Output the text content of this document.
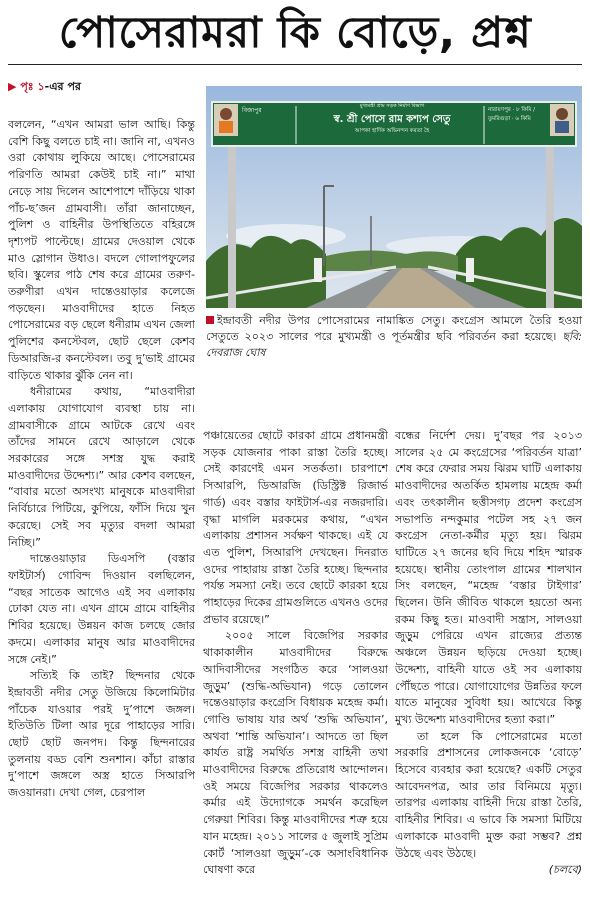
পোসেরামরা কি বোড়ে, প্রশ্ন
▶ পৃঃ ১-এর পর

বললেন, “এখন আমরা ভাল আছি। কিন্তু বেশি কিছু বলতে চাই না। জানি না, এখনও ওরা কোথায় লুকিয়ে আছে। পোসেরামের পরিণতি আমরা কেউই চাই না।” মাথা নেড়ে সায় দিলেন আশেপাশে দাঁড়িয়ে থাকা পাঁচ-ছ’জন গ্রামবাসী। তাঁরা জানাচ্ছেন, পুলিশ ও বাহিনীর উপস্থিতিতে বহিরঙ্গে দৃশ্যপট পাল্টেছে। গ্রামের দেওয়াল থেকে মাও স্লোগান উধাও। বদলে গোলাপফুলের ছবি। স্কুলের পাঠ শেষ করে গ্রামের তরুণ-তরুণীরা এখন দান্তেওয়াড়ার কলেজে পড়ছেন। মাওবাদীদের হাতে নিহত পোসেরামের বড় ছেলে ধনীরাম এখন জেলা পুলিশের কনস্টেবল, ছোট ছেলে কেশব ডিআরজি-র কনস্টেবল। তবু দু’ভাই গ্রামের বাড়িতে থাকার ঝুঁকি নেন না।

ধনীরামের কথায়, “মাওবাদীরা এলাকায় যোগাযোগ ব্যবস্থা চায় না। গ্রামবাসীকে গ্রামে আটকে রেখে এবং তাঁদের সামনে রেখে আড়ালে থেকে সরকারের সঙ্গে সশস্ত্র যুদ্ধ করাই মাওবাদীদের উদ্দেশ্য।” আর কেশব বলছেন, “বাবার মতো অসংখ্য মানুষকে মাওবাদীরা নির্বিচারে পিটিয়ে, কুপিয়ে, ফাঁসি দিয়ে খুন করেছে। সেই সব মৃত্যুর বদলা আমরা নিচ্ছি।”

দান্তেওয়াড়ার ডিএসপি (বস্তার ফাইটার্স) গোবিন্দ দিওয়ান বলছিলেন, “বছর সাতেক আগেও এই সব এলাকায় ঢোকা যেত না। এখন গ্রামে গ্রামে বাহিনীর শিবির হয়েছে। উন্নয়ন কাজ চলছে জোর কদমে। এলাকার মানুষ আর মাওবাদীদের সঙ্গে নেই।”

সত্যিই কি তাই? ছিন্দনার থেকে ইন্দ্রাবতী নদীর সেতু উজিয়ে কিলোমিটার পাঁচেক যাওয়ার পরই দু’পাশে জঙ্গল। ইতিউতি টিলা আর দূরে পাহাড়ের সারি। ছোট ছোট জনপদ। কিন্তু ছিন্দনারের তুলনায় বড্ড বেশি শুনশান। কাঁচা রাস্তার দু’পাশে জঙ্গলে অস্ত্র হাতে সিআরপি জওয়ানরা। দেখা গেল, চেরপাল

বিজাপুর
মুখ্যমন্ত্রী গ্রাম সড়ক নির্মাণ বিভাগ
স্ব. শ্রী পোসে রাম কশ্যপ সেতু
আপকা হার্দিক অভিনন্দন করতা হৈ
নারায়ণপুর · ৮ কিমি / তুমরিগুড়া · ৬ কিমি
ইন্দ্রাবতী নদীর উপর পোসেরামের নামাঙ্কিত সেতু। কংগ্রেস আমলে তৈরি হওয়া সেতুতে ২০২৩ সালের পরে মুখ্যমন্ত্রী ও পূর্তমন্ত্রীর ছবি পরিবর্তন করা হয়েছে। ছবি: দেবরাজ ঘোষ

পঞ্চায়েতের ছোটে কারকা গ্রামে প্রধানমন্ত্রী সড়ক যোজনার পাকা রাস্তা তৈরি হচ্ছে। সেই কারণেই এমন সতর্কতা। চারপাশে সিআরপি, ডিআরজি (ডিস্ট্রিক্ট রিজার্ভ গার্ড) এবং বস্তার ফাইটার্স-এর নজরদারি। বৃদ্ধা মাগলি মরকমের কথায়, “এখন এলাকায় প্রশাসন সর্বক্ষণ থাকছে। এই যে এত পুলিশ, সিআরপি দেখছেন। দিনরাত ওদের পাহারায় রাস্তা তৈরি হচ্ছে। ছিন্দনার পর্যন্ত সমস্যা নেই। তবে ছোটে কারকা হয়ে পাহাড়ের দিকের গ্রামগুলিতে এখনও ওদের প্রভাব রয়েছে।”

২০০৫ সালে বিজেপির সরকার থাকাকালীন মাওবাদীদের বিরুদ্ধে আদিবাসীদের সংগঠিত করে ‘সালওয়া জুড়ুম’ (শুদ্ধি-অভিযান) গড়ে তোলেন দন্তেওয়াড়ার কংগ্রেসি বিধায়ক মহেন্দ্র কর্মা। গোণ্ডি ভাষায় যার অর্থ ‘শুদ্ধি অভিযান’, অথবা ‘শান্তি অভিযান’। আদতে তা ছিল কার্যত রাষ্ট্র সমর্থিত সশস্ত্র বাহিনী তথা মাওবাদীদের বিরুদ্ধে প্রতিরোধ আন্দোলন। ওই সময়ে বিজেপির সরকার থাকলেও কর্মার এই উদ্যোগকে সমর্থন করেছিল গেরুয়া শিবির। কিন্তু মাওবাদীদের শত্রু হয়ে যান মহেন্দ্র। ২০১১ সালের ৫ জুলাই সুপ্রিম কোর্ট ‘সালওয়া জুড়ুম’-কে অসাংবিধানিক ঘোষণা করে

বন্ধের নির্দেশ দেয়। দু’বছর পর ২০১৩ সালের ২৫ মে কংগ্রেসের ‘পরিবর্তন যাত্রা’ শেষ করে ফেরার সময় ঝিরম ঘাটি এলাকায় মাওবাদীদের অতর্কিত হামলায় মহেন্দ্র কর্মা এবং তৎকালীন ছত্তীসগঢ় প্রদেশ কংগ্রেস সভাপতি নন্দকুমার পটেল সহ ২৭ জন কংগ্রেস নেতা-কর্মীর মৃত্যু হয়। ঝিরম ঘাটিতে ২৭ জনের ছবি দিয়ে শহিদ স্মারক হয়েছে। স্থানীয় তোংপাল গ্রামের শালখান সিং বলছেন, “মহেন্দ্র ‘বস্তার টাইগার’ ছিলেন। উনি জীবিত থাকলে হয়তো অন্য রকম কিছু হত। মাওবাদী সন্ত্রাস, সালওয়া জুড়ুম পেরিয়ে এখন রাজ্যের প্রত্যন্ত অঞ্চলে উন্নয়ন ছড়িয়ে দেওয়া হচ্ছে। উদ্দেশ্য, বাহিনী যাতে ওই সব এলাকায় পৌঁছতে পারে। যোগাযোগের উন্নতির ফলে যাতে মানুষের সুবিধা হয়। আখেরে কিন্তু মুখ্য উদ্দেশ্য মাওবাদীদের হত্যা করা।”

তা হলে কি পোসেরামের মতো সরকারি প্রশাসনের লোকজনকে ‘বোড়ে’ হিসেবে ব্যবহার করা হয়েছে? একটি সেতুর আবেদনপত্র, আর তার বিনিময়ে মৃত্যু। তারপর এলাকায় বাহিনী দিয়ে রাস্তা তৈরি, বাহিনীর শিবির। এ ভাবে কি সমস্যা মিটিয়ে এলাকাকে মাওবাদী মুক্ত করা সম্ভব? প্রশ্ন উঠছে এবং উঠছে।

(চলবে)
